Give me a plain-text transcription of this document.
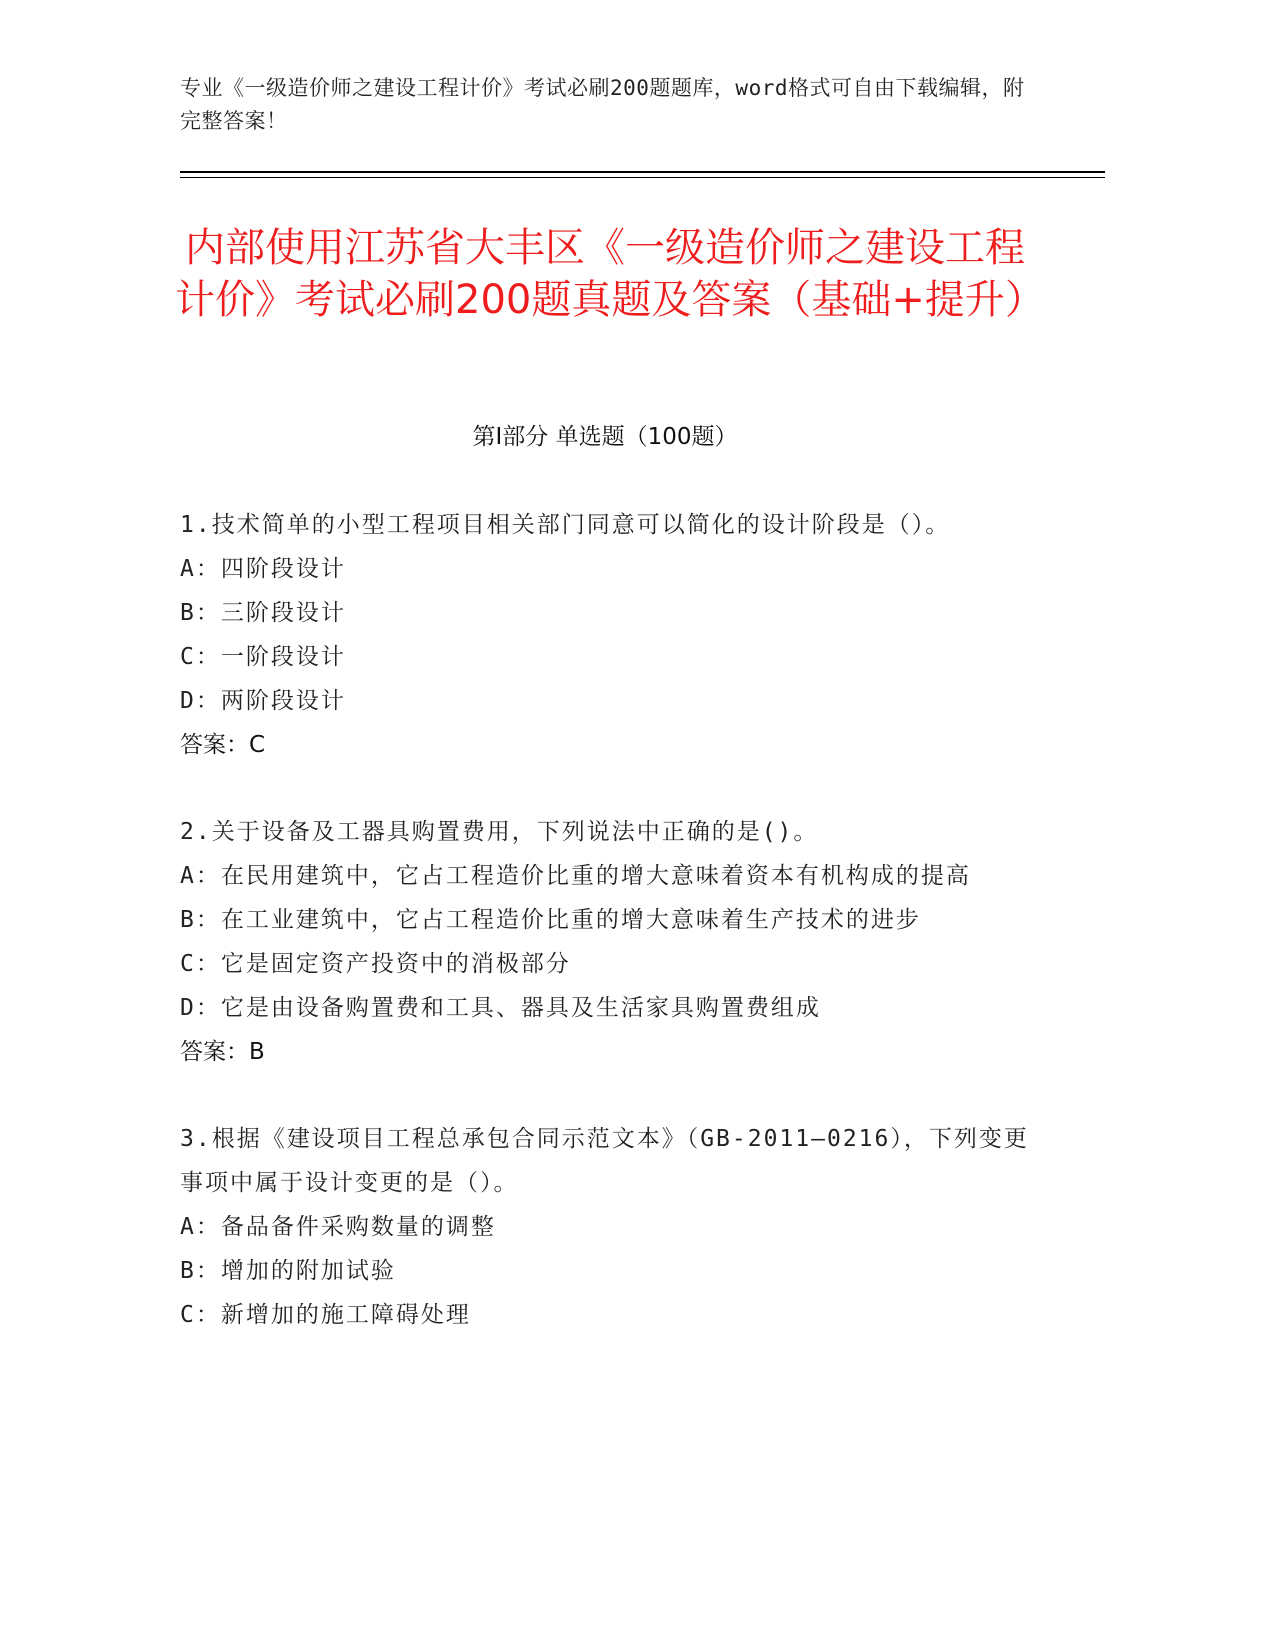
专业《一级造价师之建设工程计价》考试必刷200题题库，word格式可自由下载编辑，附完整答案！
内部使用江苏省大丰区《一级造价师之建设工程计价》考试必刷200题真题及答案（基础+提升）
第Ⅰ部分 单选题（100题）
1.技术简单的小型工程项目相关部门同意可以简化的设计阶段是（）。
A：四阶段设计
B：三阶段设计
C：一阶段设计
D：两阶段设计
答案：C
2.关于设备及工器具购置费用，下列说法中正确的是()。
A：在民用建筑中，它占工程造价比重的增大意味着资本有机构成的提高
B：在工业建筑中，它占工程造价比重的增大意味着生产技术的进步
C：它是固定资产投资中的消极部分
D：它是由设备购置费和工具、器具及生活家具购置费组成
答案：B
3.根据《建设项目工程总承包合同示范文本》（GB-2011—0216），下列变更事项中属于设计变更的是（）。
A：备品备件采购数量的调整
B：增加的附加试验
C：新增加的施工障碍处理
